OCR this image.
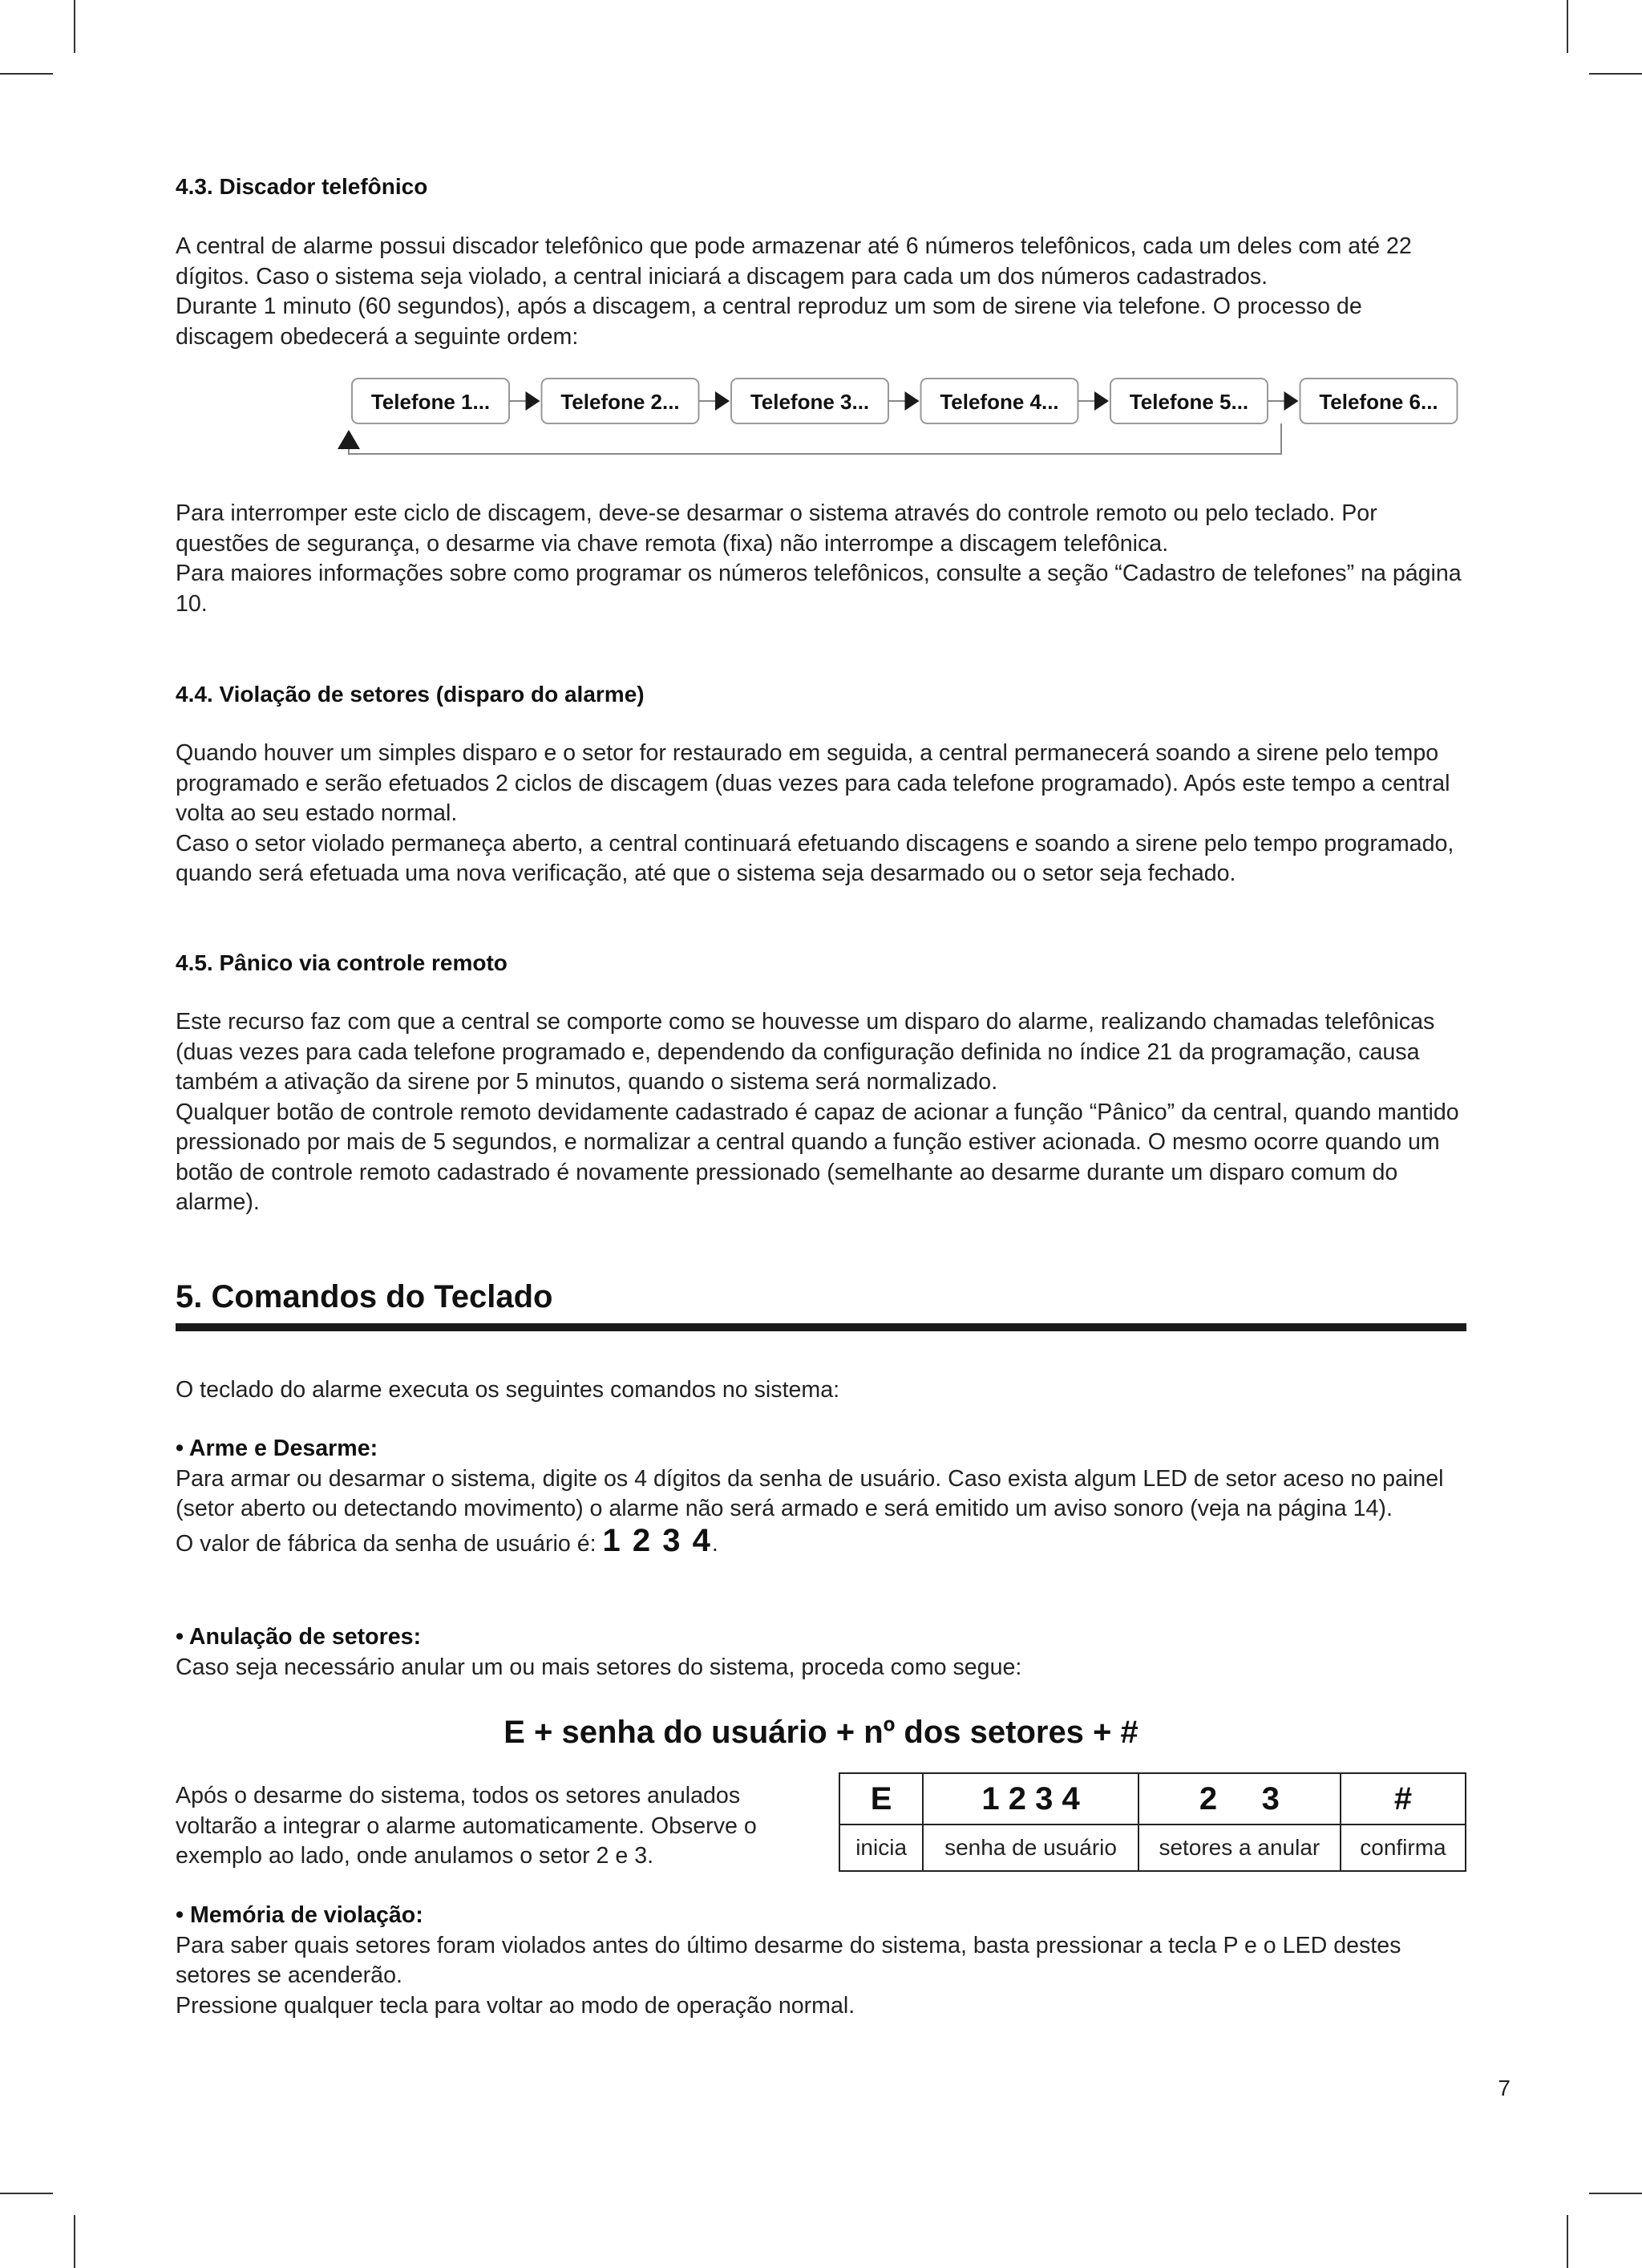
4.3. Discador telefônico

A central de alarme possui discador telefônico que pode armazenar até 6 números telefônicos, cada um deles com até 22 dígitos. Caso o sistema seja violado, a central iniciará a discagem para cada um dos números cadastrados.

Durante 1 minuto (60 segundos), após a discagem, a central reproduz um som de sirene via telefone. O processo de discagem obedecerá a seguinte ordem:

Telefone 1...	Telefone 2...	Telefone 3...	Telefone 4...	Telefone 5...	Telefone 6...

Para interromper este ciclo de discagem, deve-se desarmar o sistema através do controle remoto ou pelo teclado. Por questões de segurança, o desarme via chave remota (fixa) não interrompe a discagem telefônica.

Para maiores informações sobre como programar os números telefônicos, consulte a seção “Cadastro de telefones” na página 10.

4.4. Violação de setores (disparo do alarme)

Quando houver um simples disparo e o setor for restaurado em seguida, a central permanecerá soando a sirene pelo tempo programado e serão efetuados 2 ciclos de discagem (duas vezes para cada telefone programado). Após este tempo a central volta ao seu estado normal.

Caso o setor violado permaneça aberto, a central continuará efetuando discagens e soando a sirene pelo tempo programado, quando será efetuada uma nova verificação, até que o sistema seja desarmado ou o setor seja fechado.

4.5. Pânico via controle remoto

Este recurso faz com que a central se comporte como se houvesse um disparo do alarme, realizando chamadas telefônicas (duas vezes para cada telefone programado e, dependendo da configuração definida no índice 21 da programação, causa também a ativação da sirene por 5 minutos, quando o sistema será normalizado.

Qualquer botão de controle remoto devidamente cadastrado é capaz de acionar a função “Pânico” da central, quando mantido pressionado por mais de 5 segundos, e normalizar a central quando a função estiver acionada. O mesmo ocorre quando um botão de controle remoto cadastrado é novamente pressionado (semelhante ao desarme durante um disparo comum do alarme).

5. Comandos do Teclado
O teclado do alarme executa os seguintes comandos no sistema:

• Arme e Desarme:

Para armar ou desarmar o sistema, digite os 4 dígitos da senha de usuário. Caso exista algum LED de setor aceso no painel (setor aberto ou detectando movimento) o alarme não será armado e será emitido um aviso sonoro (veja na página 14).

O valor de fábrica da senha de usuário é: 1 2 3 4.

• Anulação de setores:

Caso seja necessário anular um ou mais setores do sistema, proceda como segue:

E + senha do usuário + nº dos setores + #
Após o desarme do sistema, todos os setores anulados voltarão a integrar o alarme automaticamente. Observe o exemplo ao lado, onde anulamos o setor 2 e 3.
E	1 2 3 4	2     3	#
inicia	senha de usuário	setores a anular	confirma

• Memória de violação:

Para saber quais setores foram violados antes do último desarme do sistema, basta pressionar a tecla P e o LED destes setores se acenderão.

Pressione qualquer tecla para voltar ao modo de operação normal.

7
